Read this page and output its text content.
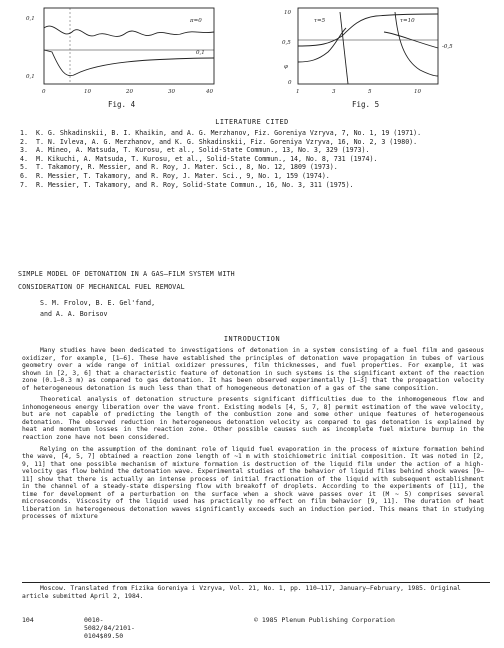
π=0
0,1
0,1
0,1
0	10	20	30	40
τ=5	τ=10
-0,5
φ
10
0,5
0
1	3	5	10
Fig. 4	Fig. 5
LITERATURE CITED
1.	K. G. Shkadinskii, B. I. Khaikin, and A. G. Merzhanov, Fiz. Goreniya Vzryva, 7, No. 1, 19 (1971).
2.	T. N. Ivleva, A. G. Merzhanov, and K. G. Shkadinskii, Fiz. Goreniya Vzryva, 16, No. 2, 3 (1980).
3.	A. Mineo, A. Matsuda, T. Kurosu, et al., Solid-State Commun., 13, No. 3, 329 (1973).
4.	M. Kikuchi, A. Matsuda, T. Kurosu, et al., Solid-State Commun., 14, No. 8, 731 (1974).
5.	T. Takamory, R. Messier, and R. Roy, J. Mater. Sci., 8, No. 12, 1809 (1973).
6.	R. Messier, T. Takamory, and R. Roy, J. Mater. Sci., 9, No. 1, 159 (1974).
7.	R. Messier, T. Takamory, and R. Roy, Solid-State Commun., 16, No. 3, 311 (1975).
SIMPLE MODEL OF DETONATION IN A GAS–FILM SYSTEM WITH
CONSIDERATION OF MECHANICAL FUEL REMOVAL
S. M. Frolov, B. E. Gel'fand,
and A. A. Borisov
INTRODUCTION

Many studies have been dedicated to investigations of detonation in a system consisting of a fuel film and gaseous oxidizer, for example, [1–6]. These have established the principles of detonation wave propagation in tubes of various geometry over a wide range of initial oxidizer pressures, film thicknesses, and fuel properties. For example, it was shown in [2, 3, 6] that a characteristic feature of detonation in such systems is the significant extent of the reaction zone (0.1–0.3 m) as compared to gas detonation. It has been observed experimentally [1–3] that the propagation velocity of heterogeneous detonation is much less than that of homogeneous detonation of a gas of the same composition.

Theoretical analysis of detonation structure presents significant difficulties due to the inhomogeneous flow and inhomogeneous energy liberation over the wave front. Existing models [4, 5, 7, 8] permit estimation of the wave velocity, but are not capable of predicting the length of the combustion zone and some other unique features of heterogeneous detonation. The observed reduction in heterogeneous detonation velocity as compared to gas detonation is explained by heat and momentum losses in the reaction zone. Other possible causes such as incomplete fuel mixture burnup in the reaction zone have not been considered.

Relying on the assumption of the dominant role of liquid fuel evaporation in the process of mixture formation behind the wave, [4, 5, 7] obtained a reaction zone length of ~1 m with stoichiometric initial composition. It was noted in [2, 9, 11] that one possible mechanism of mixture formation is destruction of the liquid film under the action of a high-velocity gas flow behind the detonation wave. Experimental studies of the behavior of liquid films behind shock waves [9–11] show that there is actually an intense process of initial fractionation of the liquid with subsequent establishment in the channel of a steady-state dispersing flow with breakoff of droplets. According to the experiments of [11], the time for development of a perturbation on the surface when a shock wave passes over it (M ~ 5) comprises several microseconds. Viscosity of the liquid used has practically no effect on film behavior [9, 11]. The duration of heat liberation in heterogeneous detonation waves significantly exceeds such an induction period. This means that in studying processes of mixture

Moscow. Translated from Fizika Goreniya i Vzryva, Vol. 21, No. 1, pp. 110–117, January–February, 1985. Original article submitted April 2, 1984.
104	0010-5082/84/2101-0104$09.50
© 1985 Plenum Publishing Corporation
